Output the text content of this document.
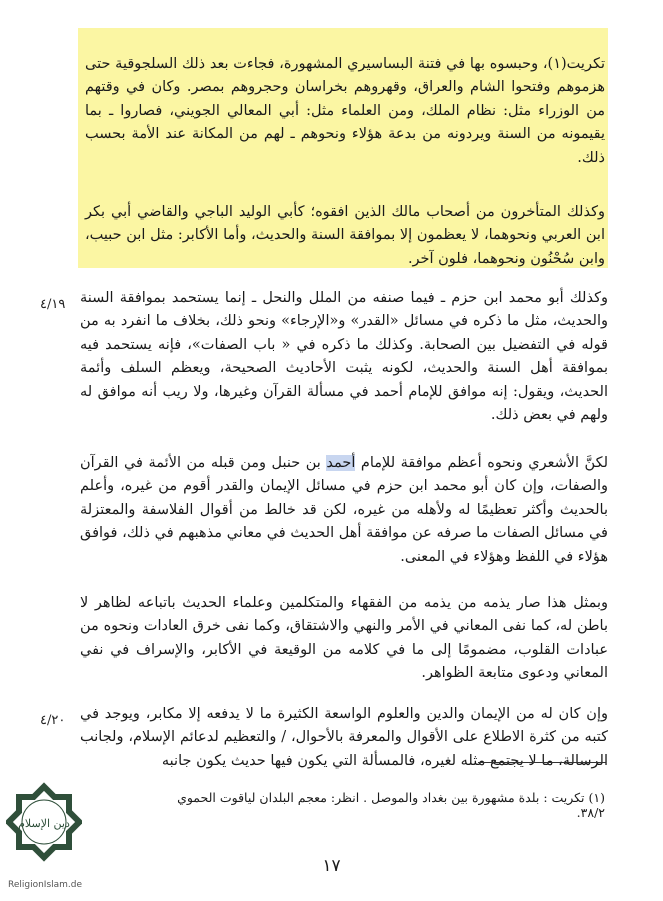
تكريت(١)، وحبسوه بها في فتنة البساسيري المشهورة، فجاءت بعد ذلك السلجوقية حتى هزموهم وفتحوا الشام والعراق، وقهروهم بخراسان وحجروهم بمصر. وكان في وقتهم من الوزراء مثل: نظام الملك، ومن العلماء مثل: أبي المعالي الجويني، فصاروا ـ بما يقيمونه من السنة ويردونه من بدعة هؤلاء ونحوهم ـ لهم من المكانة عند الأمة بحسب ذلك.

وكذلك المتأخرون من أصحاب مالك الذين افقوه؛ كأبي الوليد الباجي والقاضي أبي بكر ابن العربي ونحوهما، لا يعظمون إلا بموافقة السنة والحديث، وأما الأكابر: مثل ابن حبيب، وابن سُحْنُون ونحوهما، فلون آخر.

وكذلك أبو محمد ابن حزم ـ فيما صنفه من الملل والنحل ـ إنما يستحمد بموافقة السنة والحديث، مثل ما ذكره في مسائل «القدر» و«الإرجاء» ونحو ذلك، بخلاف ما انفرد به من قوله في التفضيل بين الصحابة. وكذلك ما ذكره في « باب الصفات»، فإنه يستحمد فيه بموافقة أهل السنة والحديث، لكونه يثبت الأحاديث الصحيحة، ويعظم السلف وأئمة الحديث، ويقول: إنه موافق للإمام أحمد في مسألة القرآن وغيرها، ولا ريب أنه موافق له ولهم في بعض ذلك.

لكنَّ الأشعري ونحوه أعظم موافقة للإمام أحمد بن حنبل ومن قبله من الأئمة في القرآن والصفات، وإن كان أبو محمد ابن حزم في مسائل الإيمان والقدر أقوم من غيره، وأعلم بالحديث وأكثر تعظيمًا له ولأهله من غيره، لكن قد خالط من أقوال الفلاسفة والمعتزلة في مسائل الصفات ما صرفه عن موافقة أهل الحديث في معاني مذهبهم في ذلك، فوافق هؤلاء في اللفظ وهؤلاء في المعنى.

وبمثل هذا صار يذمه من يذمه من الفقهاء والمتكلمين وعلماء الحديث باتباعه لظاهر لا باطن له، كما نفى المعاني في الأمر والنهي والاشتقاق، وكما نفى خرق العادات ونحوه من عبادات القلوب، مضمومًا إلى ما في كلامه من الوقيعة في الأكابر، والإسراف في نفي المعاني ودعوى متابعة الظواهر.

وإن كان له من الإيمان والدين والعلوم الواسعة الكثيرة ما لا يدفعه إلا مكابر، ويوجد في كتبه من كثرة الاطلاع على الأقوال والمعرفة بالأحوال، / والتعظيم لدعائم الإسلام، ولجانب الرسالة، ما لا يجتمع مثله لغيره، فالمسألة التي يكون فيها حديث يكون جانبه

٤/١٩
٤/٢٠
(١) تكريت : بلدة مشهورة بين بغداد والموصل . انظر: معجم البلدان لياقوت الحموي ٣٨/٢.
١٧
دين الإسلام
ReligionIslam.de
